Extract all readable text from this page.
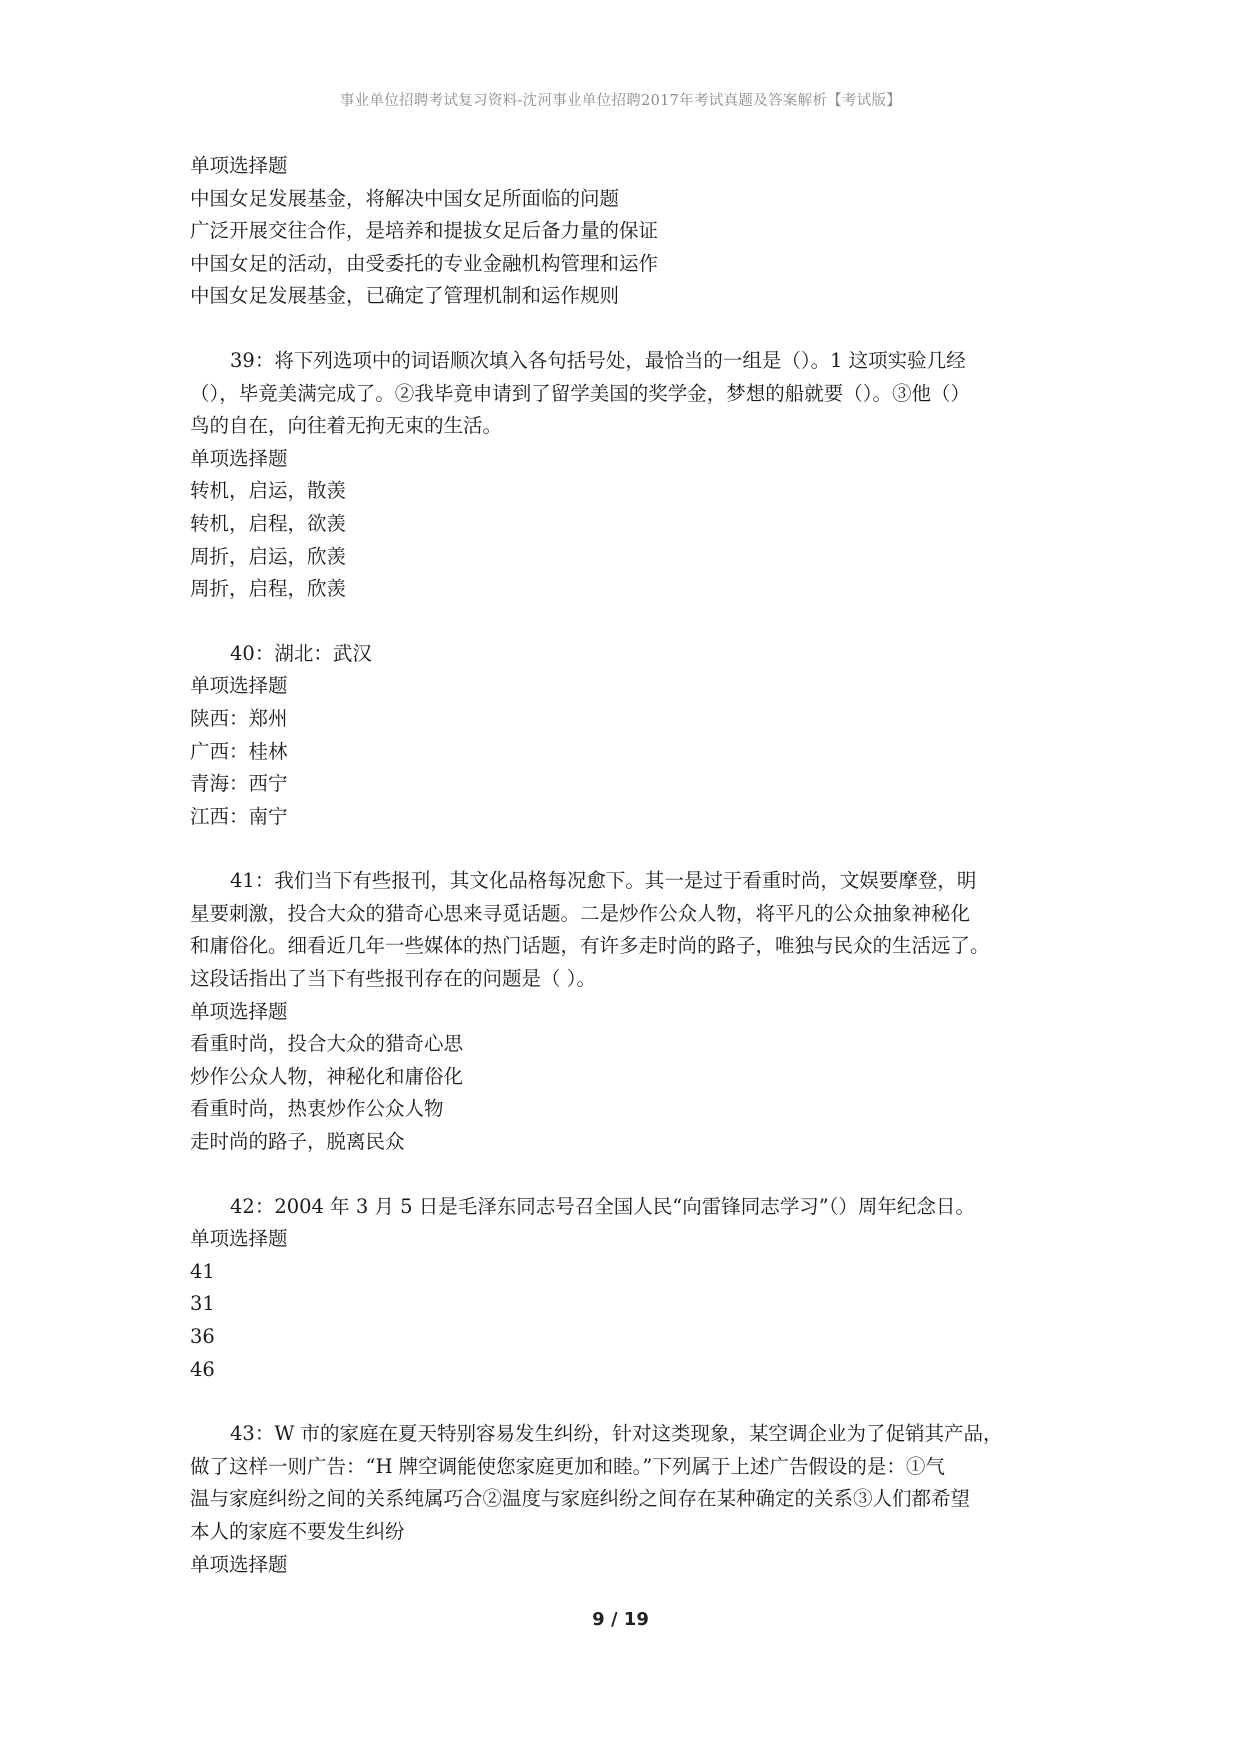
事业单位招聘考试复习资料-沈河事业单位招聘2017年考试真题及答案解析【考试版】
单项选择题
中国女足发展基金，将解决中国女足所面临的问题
广泛开展交往合作，是培养和提拔女足后备力量的保证
中国女足的活动，由受委托的专业金融机构管理和运作
中国女足发展基金，已确定了管理机制和运作规则
39：将下列选项中的词语顺次填入各句括号处，最恰当的一组是（）。1 这项实验几经
（），毕竟美满完成了。②我毕竟申请到了留学美国的奖学金，梦想的船就要（）。③他（）
鸟的自在，向往着无拘无束的生活。
单项选择题
转机，启运，散羡
转机，启程，欲羡
周折，启运，欣羡
周折，启程，欣羡
40：湖北：武汉
单项选择题
陕西：郑州
广西：桂林
青海：西宁
江西：南宁
41：我们当下有些报刊，其文化品格每况愈下。其一是过于看重时尚，文娱要摩登，明
星要刺激，投合大众的猎奇心思来寻觅话题。二是炒作公众人物，将平凡的公众抽象神秘化
和庸俗化。细看近几年一些媒体的热门话题，有许多走时尚的路子，唯独与民众的生活远了。
这段话指出了当下有些报刊存在的问题是（ ）。
单项选择题
看重时尚，投合大众的猎奇心思
炒作公众人物，神秘化和庸俗化
看重时尚，热衷炒作公众人物
走时尚的路子，脱离民众
42：2004 年 3 月 5 日是毛泽东同志号召全国人民“向雷锋同志学习”（）周年纪念日。
单项选择题
41
31
36
46
43：W 市的家庭在夏天特别容易发生纠纷，针对这类现象，某空调企业为了促销其产品，
做了这样一则广告：“H 牌空调能使您家庭更加和睦。”下列属于上述广告假设的是：①气
温与家庭纠纷之间的关系纯属巧合②温度与家庭纠纷之间存在某种确定的关系③人们都希望
本人的家庭不要发生纠纷
单项选择题
9 / 19
